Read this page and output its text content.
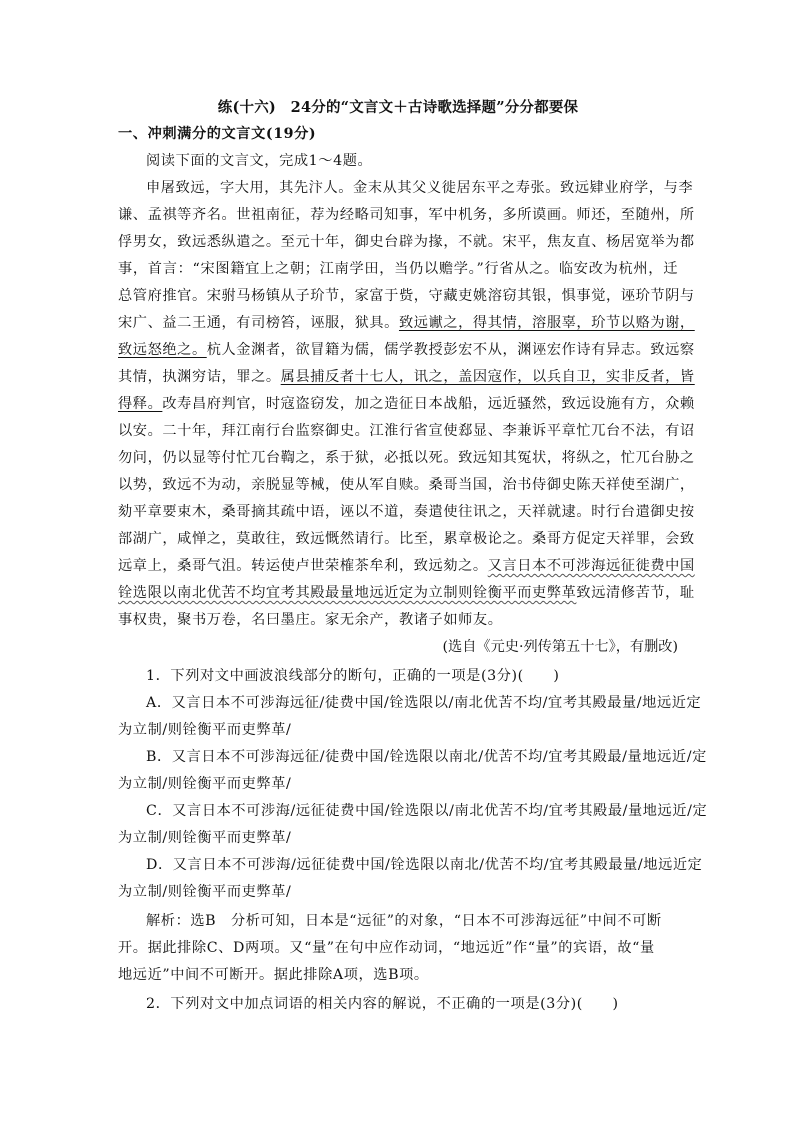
练(十六)　24分的“文言文＋古诗歌选择题”分分都要保
一、冲刺满分的文言文(19分)
阅读下面的文言文，完成1～4题。
申屠致远，字大用，其先汴人。金末从其父义徙居东平之寿张。致远肄业府学，与李
谦、孟祺等齐名。世祖南征，荐为经略司知事，军中机务，多所谟画。师还，至随州，所
俘男女，致远悉纵遣之。至元十年，御史台辟为掾，不就。宋平，焦友直、杨居宽举为都
事，首言：“宋图籍宜上之朝；江南学田，当仍以赡学。”行省从之。临安改为杭州，迁
总管府推官。宋驸马杨镇从子玠节，家富于赀，守藏吏姚溶窃其银，惧事觉，诬玠节阴与
宋广、益二王通，有司榜笞，诬服，狱具。致远谳之，得其情，溶服辜，玠节以赂为谢，
致远怒绝之。杭人金渊者，欲冒籍为儒，儒学教授彭宏不从，渊诬宏作诗有异志。致远察
其情，执渊穷诘，罪之。属县捕反者十七人，讯之，盖因寇作，以兵自卫，实非反者，皆
得释。改寿昌府判官，时寇盗窃发，加之造征日本战船，远近骚然，致远设施有方，众赖
以安。二十年，拜江南行台监察御史。江淮行省宣使郄显、李兼诉平章忙兀台不法，有诏
勿问，仍以显等付忙兀台鞫之，系于狱，必抵以死。致远知其冤状，将纵之，忙兀台胁之
以势，致远不为动，亲脱显等械，使从军自赎。桑哥当国，治书侍御史陈天祥使至湖广，
劾平章要束木，桑哥摘其疏中语，诬以不道，奏遣使往讯之，天祥就逮。时行台遣御史按
部湖广，咸惮之，莫敢往，致远慨然请行。比至，累章极论之。桑哥方促定天祥罪，会致
远章上，桑哥气沮。转运使卢世荣榷茶牟利，致远劾之。又言日本不可涉海远征徙费中国
铨选限以南北优苦不均宜考其殿最量地远近定为立制则铨衡平而吏弊革致远清修苦节，耻
事权贵，聚书万卷，名曰墨庄。家无余产，教诸子如师友。
(选自《元史·列传第五十七》，有删改)
1．下列对文中画波浪线部分的断句，正确的一项是(3分)(　　)
A．又言日本不可涉海远征/徒费中国/铨选限以/南北优苦不均/宜考其殿最量/地远近定
为立制/则铨衡平而吏弊革/
B．又言日本不可涉海远征/徒费中国/铨选限以南北/优苦不均/宜考其殿最/量地远近/定
为立制/则铨衡平而吏弊革/
C．又言日本不可涉海/远征徒费中国/铨选限以/南北优苦不均/宜考其殿最/量地远近/定
为立制/则铨衡平而吏弊革/
D．又言日本不可涉海/远征徒费中国/铨选限以南北/优苦不均/宜考其殿最量/地远近定
为立制/则铨衡平而吏弊革/
解析：选B　分析可知，日本是“远征”的对象，“日本不可涉海远征”中间不可断
开。据此排除C、D两项。又“量”在句中应作动词，“地远近”作“量”的宾语，故“量
地远近”中间不可断开。据此排除A项，选B项。
2．下列对文中加点词语的相关内容的解说，不正确的一项是(3分)(　　)
